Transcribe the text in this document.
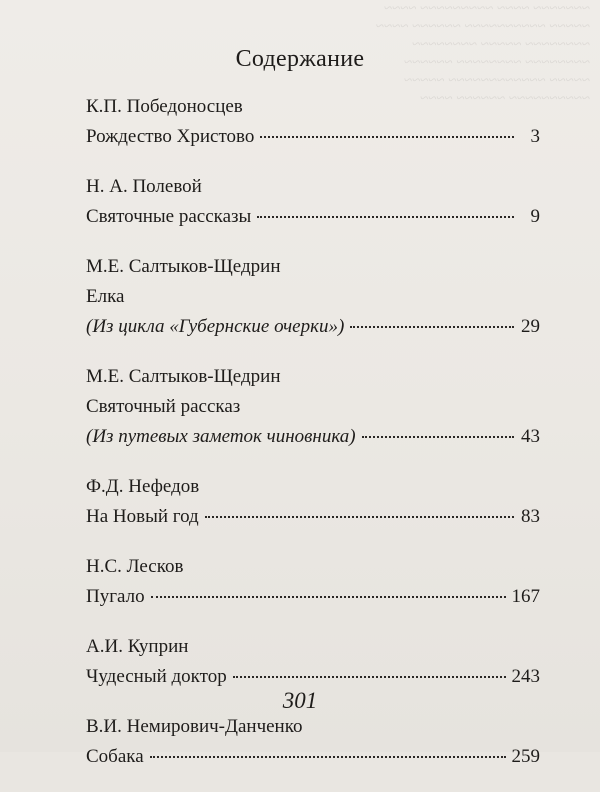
~~~~~~~ ~~~~ ~~~~~~~~~ ~~~~
~~~~~ ~~~~~~~~~~ ~~~~~~ ~~~~
~~~~~~~~ ~~~~~ ~~~~~~~~
~~~~~~~~ ~~~~~~~~ ~~~~~~
~~~~~ ~~~~~~~~~~~~ ~~~~~
~~~~~~~~~~ ~~~~~~ ~~~~
Содержание
К.П. Победоносцев
Рождество Христово	3
Н. А. Полевой
Святочные рассказы	9
М.Е. Салтыков-Щедрин
Елка
(Из цикла «Губернские очерки»)	29
М.Е. Салтыков-Щедрин
Святочный рассказ
(Из путевых заметок чиновника)	43
Ф.Д. Нефедов
На Новый год	83
Н.С. Лесков
Пугало	167
А.И. Куприн
Чудесный доктор	243
В.И. Немирович-Данченко
Собака	259
301
